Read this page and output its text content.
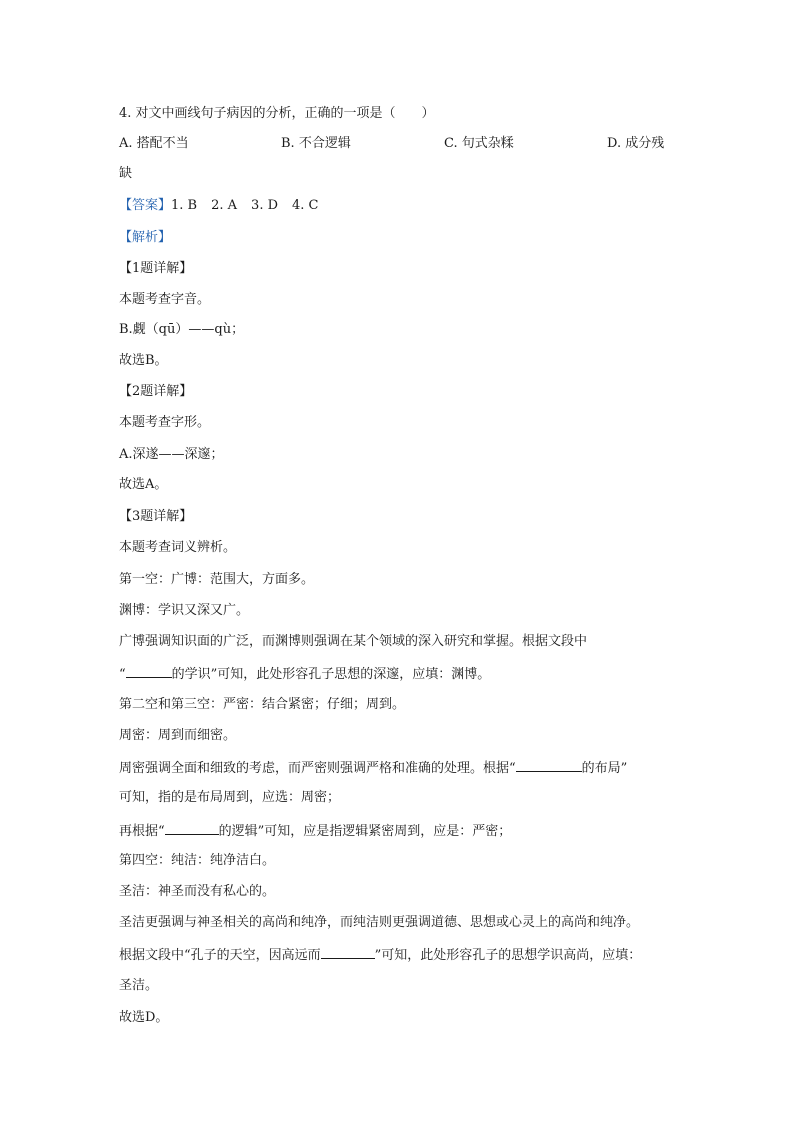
4. 对文中画线句子病因的分析，正确的一项是（　　）
A. 搭配不当	B. 不合逻辑	C. 句式杂糅	D. 成分残
缺
【答案】1. B 2. A 3. D 4. C
【解析】
【1题详解】
本题考查字音。
B.觑（qū）——qù；
故选B。
【2题详解】
本题考查字形。
A.深遂——深邃；
故选A。
【3题详解】
本题考查词义辨析。
第一空：广博：范围大，方面多。
渊博：学识又深又广。
广博强调知识面的广泛，而渊博则强调在某个领域的深入研究和掌握。根据文段中
“	的学识”可知，此处形容孔子思想的深邃，应填：渊博。
第二空和第三空：严密：结合紧密；仔细；周到。
周密：周到而细密。
周密强调全面和细致的考虑，而严密则强调严格和准确的处理。根据“	的布局”
可知，指的是布局周到，应选：周密；
再根据“	的逻辑”可知，应是指逻辑紧密周到，应是：严密；
第四空：纯洁：纯净洁白。
圣洁：神圣而没有私心的。
圣洁更强调与神圣相关的高尚和纯净，而纯洁则更强调道德、思想或心灵上的高尚和纯净。
根据文段中“孔子的天空，因高远而	”可知，此处形容孔子的思想学识高尚，应填：
圣洁。
故选D。
